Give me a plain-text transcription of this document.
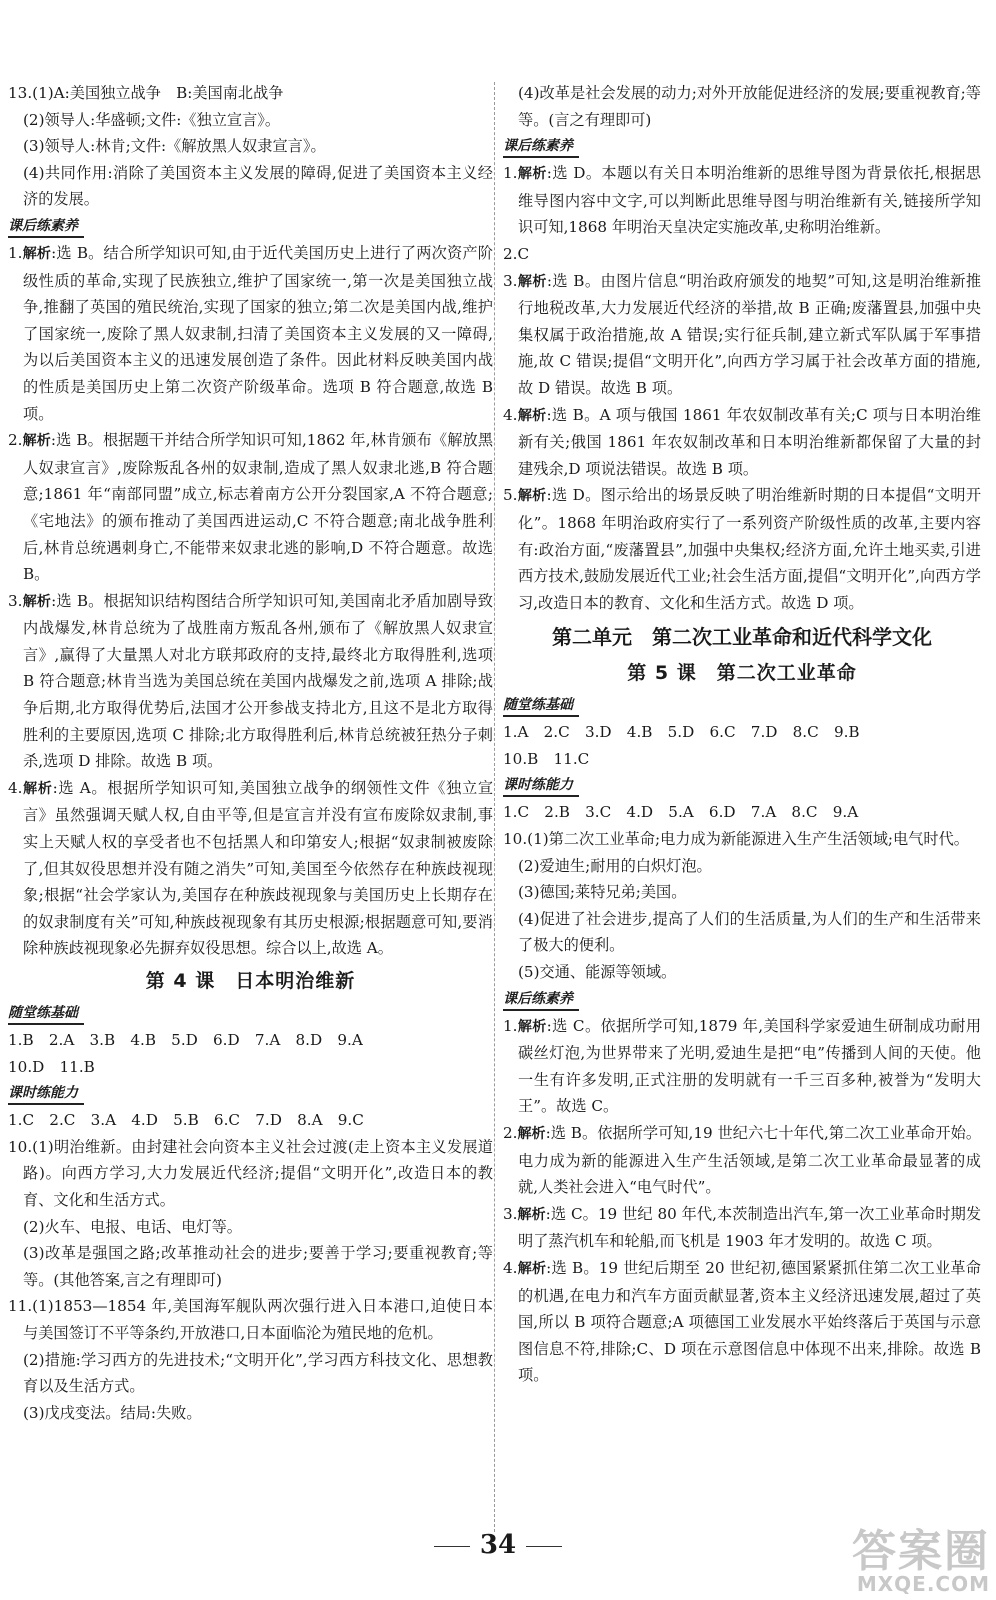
13.(1)A:美国独立战争　B:美国南北战争

(2)领导人:华盛顿;文件:《独立宣言》。

(3)领导人:林肯;文件:《解放黑人奴隶宣言》。

(4)共同作用:消除了美国资本主义发展的障碍,促进了美国资本主义经济的发展。

课后练素养

1.解析:选 B。结合所学知识可知,由于近代美国历史上进行了两次资产阶级性质的革命,实现了民族独立,维护了国家统一,第一次是美国独立战争,推翻了英国的殖民统治,实现了国家的独立;第二次是美国内战,维护了国家统一,废除了黑人奴隶制,扫清了美国资本主义发展的又一障碍,为以后美国资本主义的迅速发展创造了条件。因此材料反映美国内战的性质是美国历史上第二次资产阶级革命。选项 B 符合题意,故选 B 项。

2.解析:选 B。根据题干并结合所学知识可知,1862 年,林肯颁布《解放黑人奴隶宣言》,废除叛乱各州的奴隶制,造成了黑人奴隶北逃,B 符合题意;1861 年“南部同盟”成立,标志着南方公开分裂国家,A 不符合题意;《宅地法》的颁布推动了美国西进运动,C 不符合题意;南北战争胜利后,林肯总统遇刺身亡,不能带来奴隶北逃的影响,D 不符合题意。故选 B。

3.解析:选 B。根据知识结构图结合所学知识可知,美国南北矛盾加剧导致内战爆发,林肯总统为了战胜南方叛乱各州,颁布了《解放黑人奴隶宣言》,赢得了大量黑人对北方联邦政府的支持,最终北方取得胜利,选项 B 符合题意;林肯当选为美国总统在美国内战爆发之前,选项 A 排除;战争后期,北方取得优势后,法国才公开参战支持北方,且这不是北方取得胜利的主要原因,选项 C 排除;北方取得胜利后,林肯总统被狂热分子刺杀,选项 D 排除。故选 B 项。

4.解析:选 A。根据所学知识可知,美国独立战争的纲领性文件《独立宣言》虽然强调天赋人权,自由平等,但是宣言并没有宣布废除奴隶制,事实上天赋人权的享受者也不包括黑人和印第安人;根据“奴隶制被废除了,但其奴役思想并没有随之消失”可知,美国至今依然存在种族歧视现象;根据“社会学家认为,美国存在种族歧视现象与美国历史上长期存在的奴隶制度有关”可知,种族歧视现象有其历史根源;根据题意可知,要消除种族歧视现象必先摒弃奴役思想。综合以上,故选 A。

第 4 课　日本明治维新
随堂练基础

1.B　2.A　3.B　4.B　5.D　6.D　7.A　8.D　9.A

10.D　11.B

课时练能力

1.C　2.C　3.A　4.D　5.B　6.C　7.D　8.A　9.C

10.(1)明治维新。由封建社会向资本主义社会过渡(走上资本主义发展道路)。向西方学习,大力发展近代经济;提倡“文明开化”,改造日本的教育、文化和生活方式。

(2)火车、电报、电话、电灯等。

(3)改革是强国之路;改革推动社会的进步;要善于学习;要重视教育;等等。(其他答案,言之有理即可)

11.(1)1853—1854 年,美国海军舰队两次强行进入日本港口,迫使日本与美国签订不平等条约,开放港口,日本面临沦为殖民地的危机。

(2)措施:学习西方的先进技术;“文明开化”,学习西方科技文化、思想教育以及生活方式。

(3)戊戌变法。结局:失败。

(4)改革是社会发展的动力;对外开放能促进经济的发展;要重视教育;等等。(言之有理即可)

课后练素养

1.解析:选 D。本题以有关日本明治维新的思维导图为背景依托,根据思维导图内容中文字,可以判断此思维导图与明治维新有关,链接所学知识可知,1868 年明治天皇决定实施改革,史称明治维新。

2.C

3.解析:选 B。由图片信息“明治政府颁发的地契”可知,这是明治维新推行地税改革,大力发展近代经济的举措,故 B 正确;废藩置县,加强中央集权属于政治措施,故 A 错误;实行征兵制,建立新式军队属于军事措施,故 C 错误;提倡“文明开化”,向西方学习属于社会改革方面的措施,故 D 错误。故选 B 项。

4.解析:选 B。A 项与俄国 1861 年农奴制改革有关;C 项与日本明治维新有关;俄国 1861 年农奴制改革和日本明治维新都保留了大量的封建残余,D 项说法错误。故选 B 项。

5.解析:选 D。图示给出的场景反映了明治维新时期的日本提倡“文明开化”。1868 年明治政府实行了一系列资产阶级性质的改革,主要内容有:政治方面,“废藩置县”,加强中央集权;经济方面,允许土地买卖,引进西方技术,鼓励发展近代工业;社会生活方面,提倡“文明开化”,向西方学习,改造日本的教育、文化和生活方式。故选 D 项。

第二单元　第二次工业革命和近代科学文化
第 5 课　第二次工业革命
随堂练基础

1.A　2.C　3.D　4.B　5.D　6.C　7.D　8.C　9.B

10.B　11.C

课时练能力

1.C　2.B　3.C　4.D　5.A　6.D　7.A　8.C　9.A

10.(1)第二次工业革命;电力成为新能源进入生产生活领域;电气时代。

(2)爱迪生;耐用的白炽灯泡。

(3)德国;莱特兄弟;美国。

(4)促进了社会进步,提高了人们的生活质量,为人们的生产和生活带来了极大的便利。

(5)交通、能源等领域。

课后练素养

1.解析:选 C。依据所学可知,1879 年,美国科学家爱迪生研制成功耐用碳丝灯泡,为世界带来了光明,爱迪生是把“电”传播到人间的天使。他一生有许多发明,正式注册的发明就有一千三百多种,被誉为“发明大王”。故选 C。

2.解析:选 B。依据所学可知,19 世纪六七十年代,第二次工业革命开始。电力成为新的能源进入生产生活领域,是第二次工业革命最显著的成就,人类社会进入“电气时代”。

3.解析:选 C。19 世纪 80 年代,本茨制造出汽车,第一次工业革命时期发明了蒸汽机车和轮船,而飞机是 1903 年才发明的。故选 C 项。

4.解析:选 B。19 世纪后期至 20 世纪初,德国紧紧抓住第二次工业革命的机遇,在电力和汽车方面贡献显著,资本主义经济迅速发展,超过了英国,所以 B 项符合题意;A 项德国工业发展水平始终落后于英国与示意图信息不符,排除;C、D 项在示意图信息中体现不出来,排除。故选 B 项。

34	答案圈
MXQE.COM
